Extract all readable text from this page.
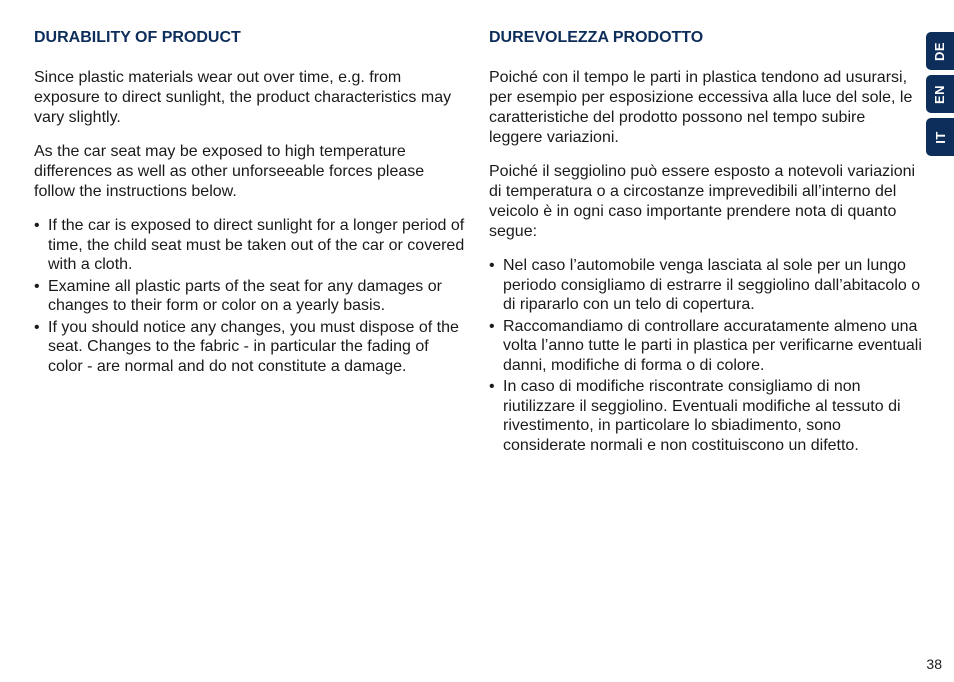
DURABILITY OF PRODUCT

Since plastic materials wear out over time, e.g. from exposure to direct sunlight, the product characteristics may vary slightly.

As the car seat may be exposed to high temperature differences as well as other unforseeable forces please follow the instructions below.

• If the car is exposed to direct sunlight for a longer period of time, the child seat must be taken out of the car or covered with a cloth.
• Examine all plastic parts of the seat for any damages or changes to their form or color on a yearly basis.
• If you should notice any changes, you must dispose of the seat. Changes to the fabric - in particular the fading of color - are normal and do not constitute a damage.
DUREVOLEZZA PRODOTTO

Poiché con il tempo le parti in plastica tendono ad usurarsi, per esempio per esposizione eccessiva alla luce del sole, le caratteristiche del prodotto possono nel tempo subire leggere variazioni.

Poiché il seggiolino può essere esposto a notevoli variazioni di temperatura o a circostanze imprevedibili all’interno del veicolo è in ogni caso importante prendere nota di quanto segue:

• Nel caso l’automobile venga lasciata al sole per un lungo periodo consigliamo di estrarre il seggiolino dall’abitacolo o di ripararlo con un telo di copertura.
• Raccomandiamo di controllare accuratamente almeno una volta l’anno tutte le parti in plastica per verificarne eventuali danni, modifiche di forma o di colore.
• In caso di modifiche riscontrate consigliamo di non riutilizzare il seggiolino. Eventuali modifiche al tessuto di rivestimento, in particolare lo sbiadimento, sono considerate normali e non costituiscono un difetto.
DE
EN
IT
38
